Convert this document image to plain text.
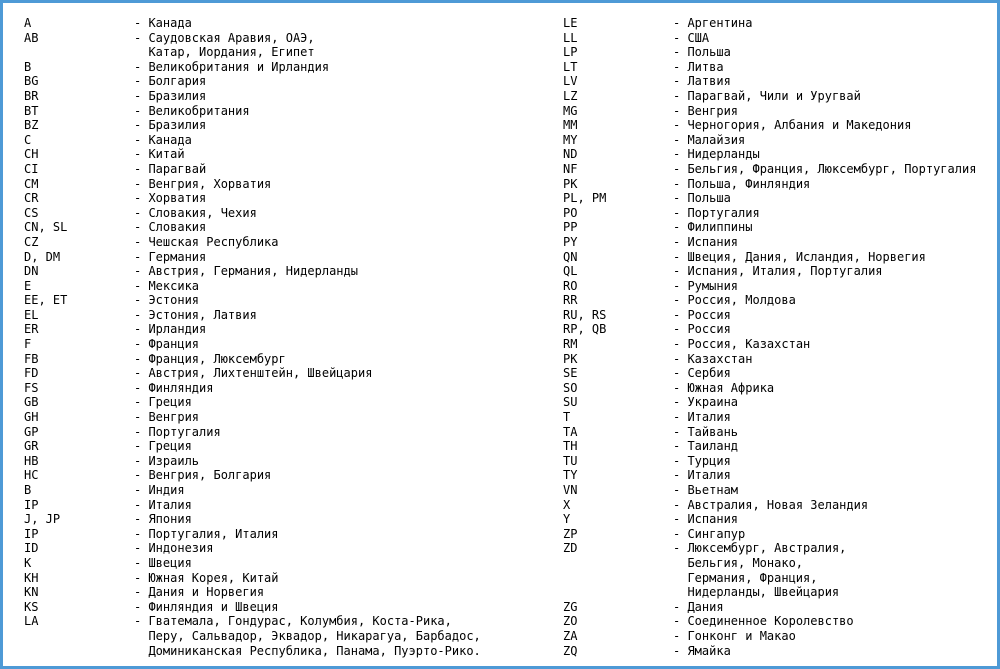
A	- Канада
AB	- Саудовская Аравия, ОАЭ,
Катар, Иордания, Египет
B	- Великобритания и Ирландия
BG	- Болгария
BR	- Бразилия
BT	- Великобритания
BZ	- Бразилия
C	- Канада
CH	- Китай
CI	- Парагвай
CM	- Венгрия, Хорватия
CR	- Хорватия
CS	- Словакия, Чехия
CN, SL	- Словакия
CZ	- Чешская Республика
D, DM	- Германия
DN	- Австрия, Германия, Нидерланды
E	- Мексика
EE, ET	- Эстония
EL	- Эстония, Латвия
ER	- Ирландия
F	- Франция
FB	- Франция, Люксембург
FD	- Австрия, Лихтенштейн, Швейцария
FS	- Финляндия
GB	- Греция
GH	- Венгрия
GP	- Португалия
GR	- Греция
HB	- Израиль
HC	- Венгрия, Болгария
B	- Индия
IP	- Италия
J, JP	- Япония
IP	- Португалия, Италия
ID	- Индонезия
K	- Швеция
KH	- Южная Корея, Китай
KN	- Дания и Норвегия
KS	- Финляндия и Швеция
LA	- Гватемала, Гондурас, Колумбия, Коста-Рика,
Перу, Сальвадор, Эквадор, Никарагуа, Барбадос,
Доминиканская Республика, Панама, Пуэрто-Рико.
LE	- Аргентина
LL	- США
LP	- Польша
LT	- Литва
LV	- Латвия
LZ	- Парагвай, Чили и Уругвай
MG	- Венгрия
MM	- Черногория, Албания и Македония
MY	- Малайзия
ND	- Нидерланды
NF	- Бельгия, Франция, Люксембург, Португалия
PK	- Польша, Финляндия
PL, PM	- Польша
PO	- Португалия
PP	- Филиппины
PY	- Испания
QN	- Швеция, Дания, Исландия, Норвегия
QL	- Испания, Италия, Португалия
RO	- Румыния
RR	- Россия, Молдова
RU, RS	- Россия
RP, QB	- Россия
RM	- Россия, Казахстан
PK	- Казахстан
SE	- Сербия
SO	- Южная Африка
SU	- Украина
T	- Италия
TA	- Тайвань
TH	- Таиланд
TU	- Турция
TY	- Италия
VN	- Вьетнам
X	- Австралия, Новая Зеландия
Y	- Испания
ZP	- Сингапур
ZD	- Люксембург, Австралия,
Бельгия, Монако,
Германия, Франция,
Нидерланды, Швейцария
ZG	- Дания
ZO	- Соединенное Королевство
ZA	- Гонконг и Макао
ZQ	- Ямайка
